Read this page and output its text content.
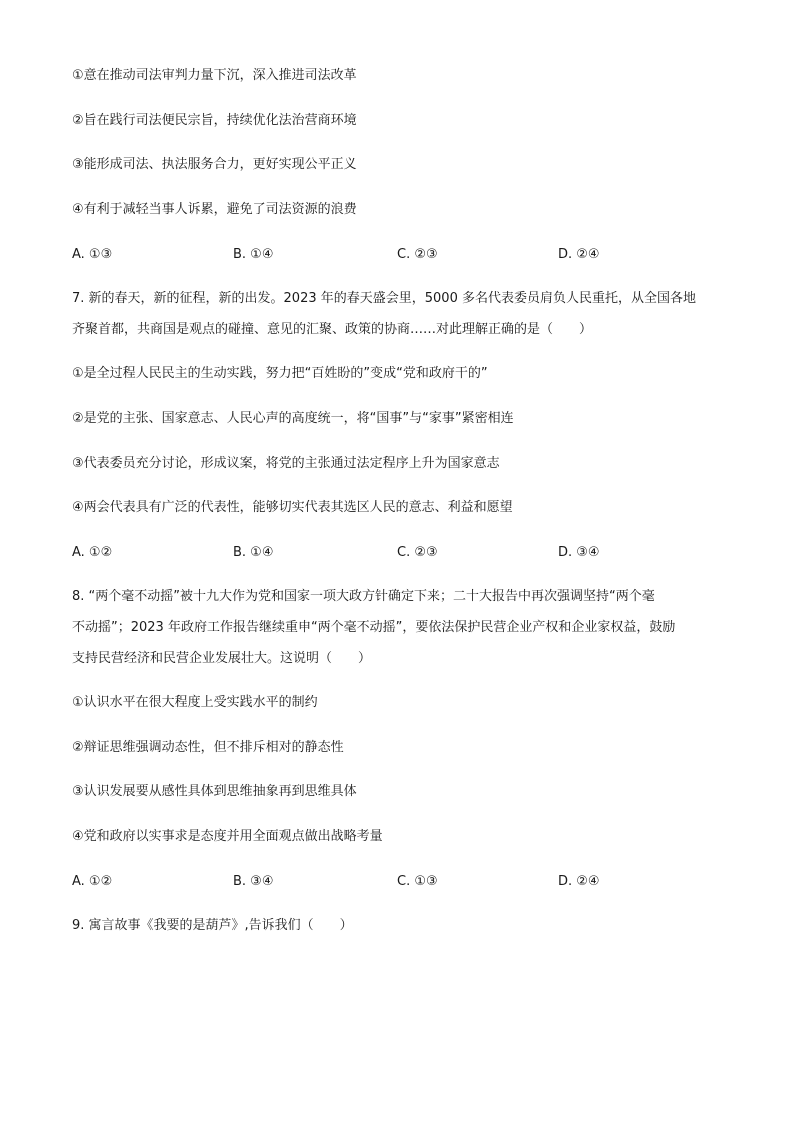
①意在推动司法审判力量下沉，深入推进司法改革
②旨在践行司法便民宗旨，持续优化法治营商环境
③能形成司法、执法服务合力，更好实现公平正义
④有利于减轻当事人诉累，避免了司法资源的浪费
A. ①③	B. ①④	C. ②③	D. ②④
7. 新的春天，新的征程，新的出发。2023 年的春天盛会里，5000 多名代表委员肩负人民重托，从全国各地
齐聚首都，共商国是观点的碰撞、意见的汇聚、政策的协商……对此理解正确的是（　　）
①是全过程人民民主的生动实践，努力把“百姓盼的”变成“党和政府干的”
②是党的主张、国家意志、人民心声的高度统一，将“国事”与“家事”紧密相连
③代表委员充分讨论，形成议案，将党的主张通过法定程序上升为国家意志
④两会代表具有广泛的代表性，能够切实代表其选区人民的意志、利益和愿望
A. ①②	B. ①④	C. ②③	D. ③④
8. “两个毫不动摇”被十九大作为党和国家一项大政方针确定下来；二十大报告中再次强调坚持“两个毫
不动摇”；2023 年政府工作报告继续重申“两个毫不动摇”，要依法保护民营企业产权和企业家权益，鼓励
支持民营经济和民营企业发展壮大。这说明（　　）
①认识水平在很大程度上受实践水平的制约
②辩证思维强调动态性，但不排斥相对的静态性
③认识发展要从感性具体到思维抽象再到思维具体
④党和政府以实事求是态度并用全面观点做出战略考量
A. ①②	B. ③④	C. ①③	D. ②④
9. 寓言故事《我要的是葫芦》,告诉我们（　　）
